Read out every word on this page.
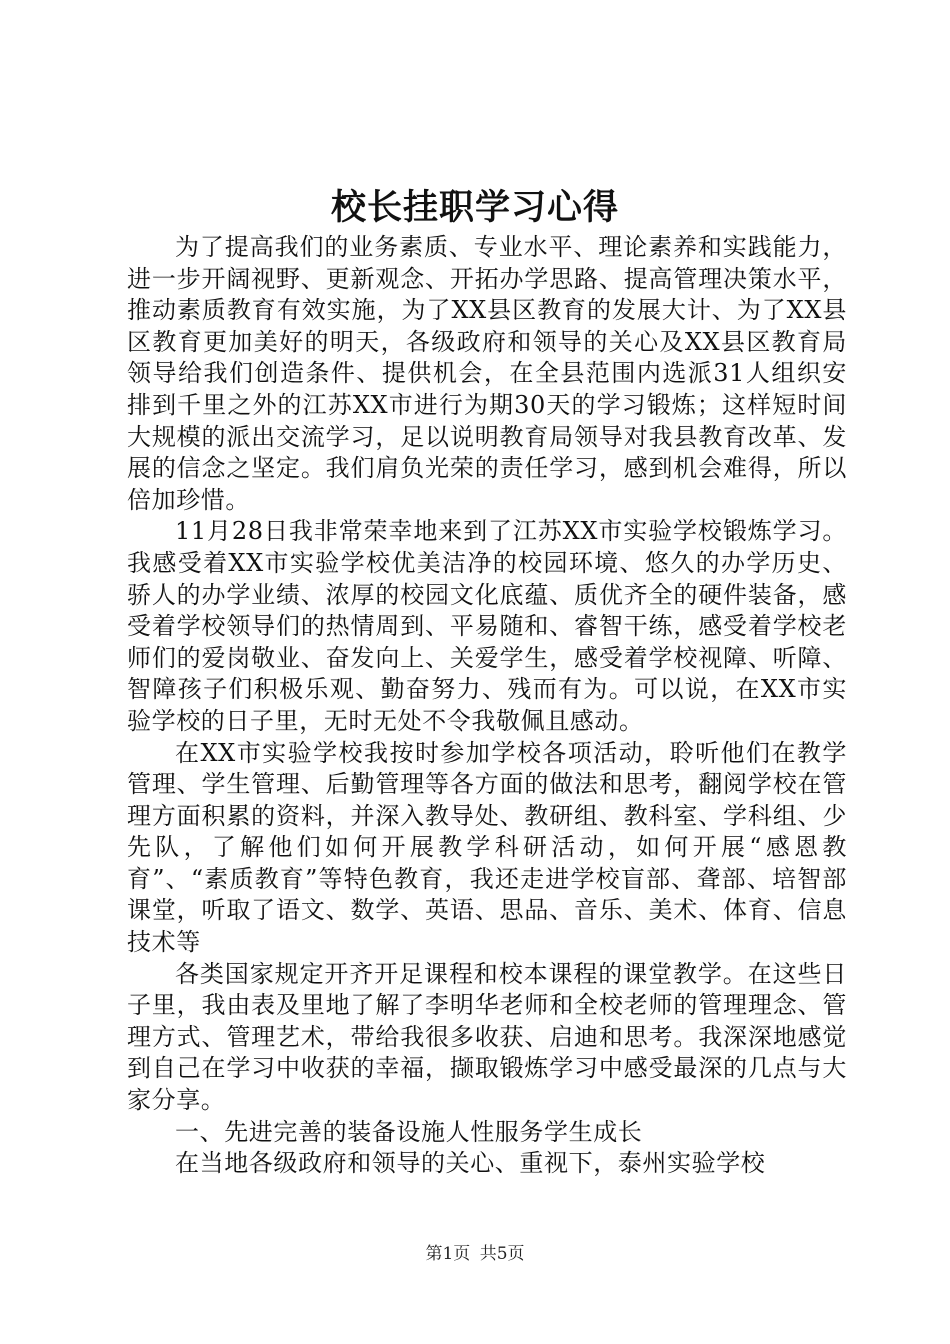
校长挂职学习心得

为了提高我们的业务素质、专业水平、理论素养和实践能力，进一步开阔视野、更新观念、开拓办学思路、提高管理决策水平，推动素质教育有效实施，为了XX县区教育的发展大计、为了XX县区教育更加美好的明天，各级政府和领导的关心及XX县区教育局领导给我们创造条件、提供机会，在全县范围内选派31人组织安排到千里之外的江苏XX市进行为期30天的学习锻炼；这样短时间大规模的派出交流学习，足以说明教育局领导对我县教育改革、发展的信念之坚定。我们肩负光荣的责任学习，感到机会难得，所以倍加珍惜。

11月28日我非常荣幸地来到了江苏XX市实验学校锻炼学习。我感受着XX市实验学校优美洁净的校园环境、悠久的办学历史、骄人的办学业绩、浓厚的校园文化底蕴、质优齐全的硬件装备，感受着学校领导们的热情周到、平易随和、睿智干练，感受着学校老师们的爱岗敬业、奋发向上、关爱学生，感受着学校视障、听障、智障孩子们积极乐观、勤奋努力、残而有为。可以说，在XX市实验学校的日子里，无时无处不令我敬佩且感动。

在XX市实验学校我按时参加学校各项活动，聆听他们在教学管理、学生管理、后勤管理等各方面的做法和思考，翻阅学校在管理方面积累的资料，并深入教导处、教研组、教科室、学科组、少先队，了解他们如何开展教学科研活动，如何开展“感恩教育”、“素质教育”等特色教育，我还走进学校盲部、聋部、培智部课堂，听取了语文、数学、英语、思品、音乐、美术、体育、信息技术等

各类国家规定开齐开足课程和校本课程的课堂教学。在这些日子里，我由表及里地了解了李明华老师和全校老师的管理理念、管理方式、管理艺术，带给我很多收获、启迪和思考。我深深地感觉到自己在学习中收获的幸福，撷取锻炼学习中感受最深的几点与大家分享。

一、先进完善的装备设施人性服务学生成长

在当地各级政府和领导的关心、重视下，泰州实验学校

第1页 共5页
